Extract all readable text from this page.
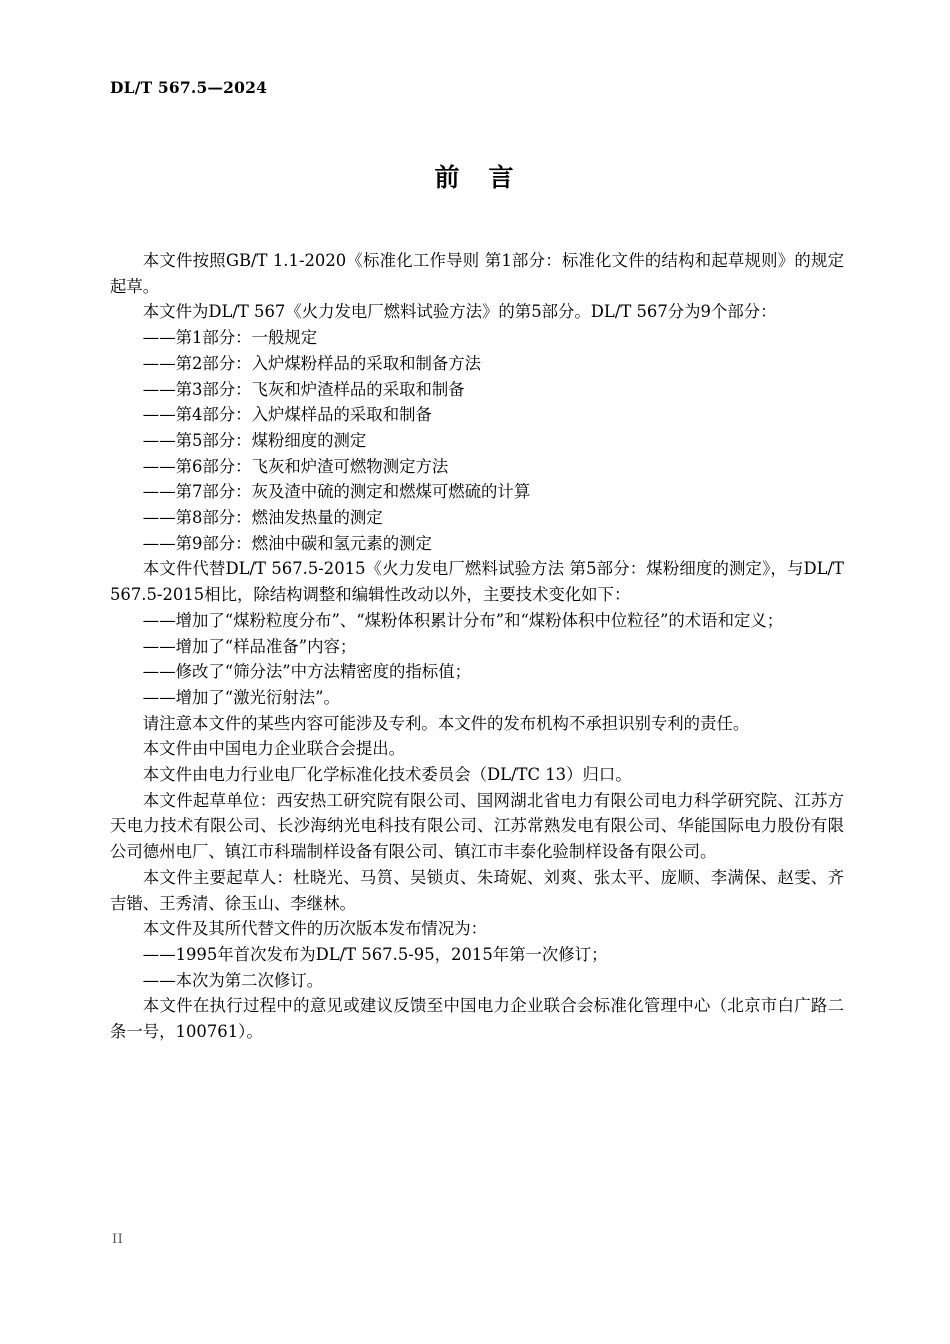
DL/T 567.5—2024
前　言

本文件按照GB/T 1.1-2020《标准化工作导则 第1部分：标准化文件的结构和起草规则》的规定起草。

本文件为DL/T 567《火力发电厂燃料试验方法》的第5部分。DL/T 567分为9个部分：

——第1部分：一般规定

——第2部分：入炉煤粉样品的采取和制备方法

——第3部分：飞灰和炉渣样品的采取和制备

——第4部分：入炉煤样品的采取和制备

——第5部分：煤粉细度的测定

——第6部分：飞灰和炉渣可燃物测定方法

——第7部分：灰及渣中硫的测定和燃煤可燃硫的计算

——第8部分：燃油发热量的测定

——第9部分：燃油中碳和氢元素的测定

本文件代替DL/T 567.5-2015《火力发电厂燃料试验方法 第5部分：煤粉细度的测定》，与DL/T 567.5-2015相比，除结构调整和编辑性改动以外，主要技术变化如下：

——增加了“煤粉粒度分布”、“煤粉体积累计分布”和“煤粉体积中位粒径”的术语和定义；

——增加了“样品准备”内容；

——修改了“筛分法”中方法精密度的指标值；

——增加了“激光衍射法”。

请注意本文件的某些内容可能涉及专利。本文件的发布机构不承担识别专利的责任。

本文件由中国电力企业联合会提出。

本文件由电力行业电厂化学标准化技术委员会（DL/TC 13）归口。

本文件起草单位：西安热工研究院有限公司、国网湖北省电力有限公司电力科学研究院、江苏方天电力技术有限公司、长沙海纳光电科技有限公司、江苏常熟发电有限公司、华能国际电力股份有限公司德州电厂、镇江市科瑞制样设备有限公司、镇江市丰泰化验制样设备有限公司。

本文件主要起草人：杜晓光、马筼、吴锁贞、朱琦妮、刘爽、张太平、庞顺、李满保、赵雯、齐吉锴、王秀清、徐玉山、李继林。

本文件及其所代替文件的历次版本发布情况为：

——1995年首次发布为DL/T 567.5-95，2015年第一次修订；

——本次为第二次修订。

本文件在执行过程中的意见或建议反馈至中国电力企业联合会标准化管理中心（北京市白广路二条一号，100761）。

II
